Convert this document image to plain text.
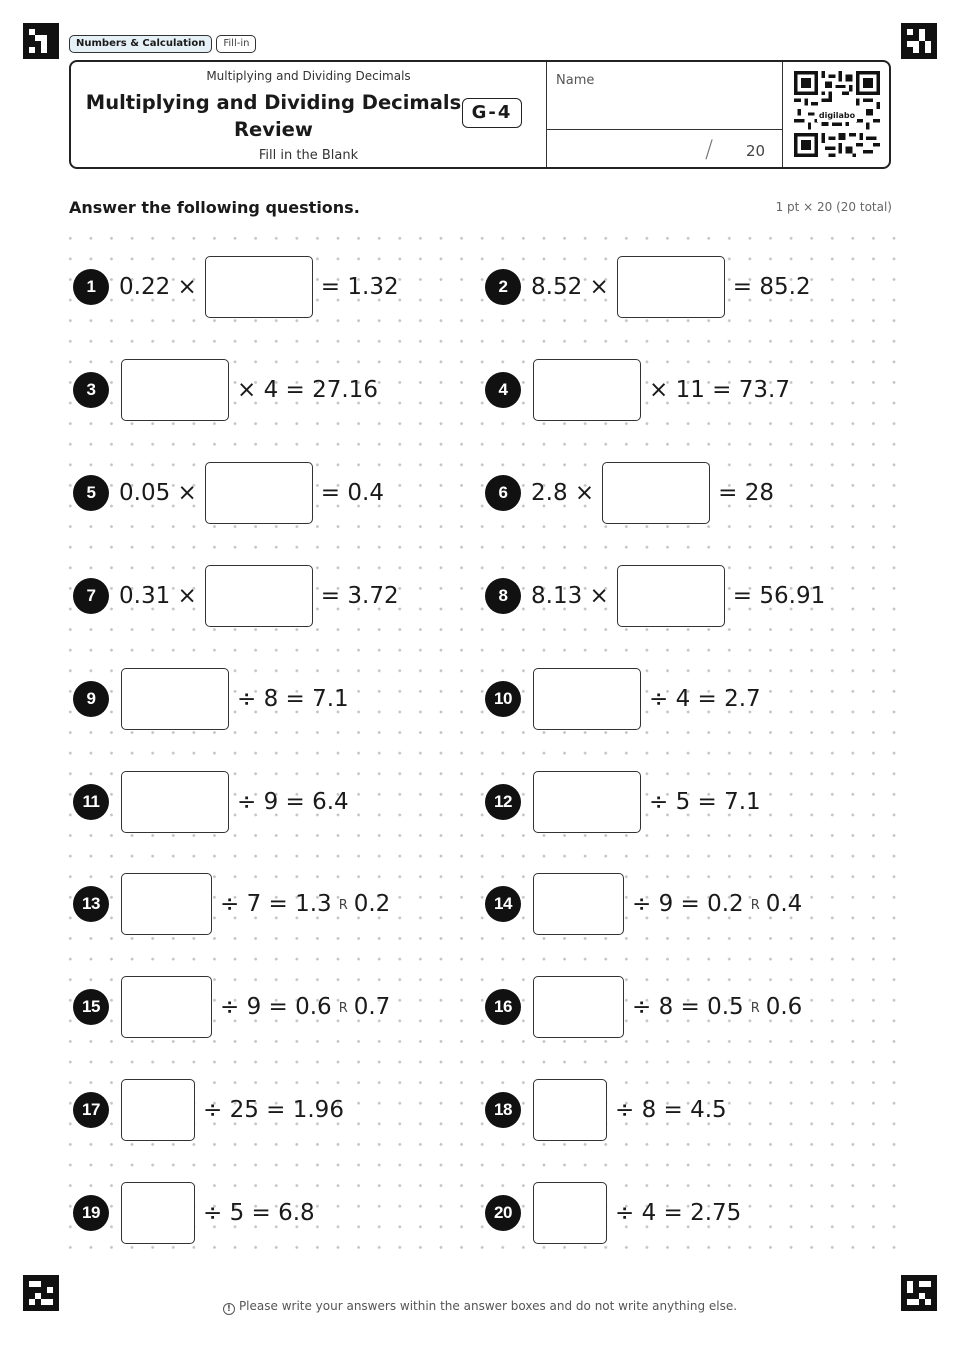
Numbers & Calculation	Fill-in
Multiplying and Dividing Decimals
Multiplying and Dividing Decimals Review
Fill in the Blank
G-4
Name
/ 20
digilabo
Answer the following questions.	1 pt × 20 (20 total)
1	0.22 ×	= 1.32	2	8.52 ×	= 85.2
3	× 4 = 27.16	4	× 11 = 73.7
5	0.05 ×	= 0.4	6	2.8 ×	= 28
7	0.31 ×	= 3.72	8	8.13 ×	= 56.91
9	÷ 8 = 7.1	10	÷ 4 = 2.7
11	÷ 9 = 6.4	12	÷ 5 = 7.1
13	÷ 7 = 1.3 R 0.2	14	÷ 9 = 0.2 R 0.4
15	÷ 9 = 0.6 R 0.7	16	÷ 8 = 0.5 R 0.6
17	÷ 25 = 1.96	18	÷ 8 = 4.5
19	÷ 5 = 6.8	20	÷ 4 = 2.75
! Please write your answers within the answer boxes and do not write anything else.
